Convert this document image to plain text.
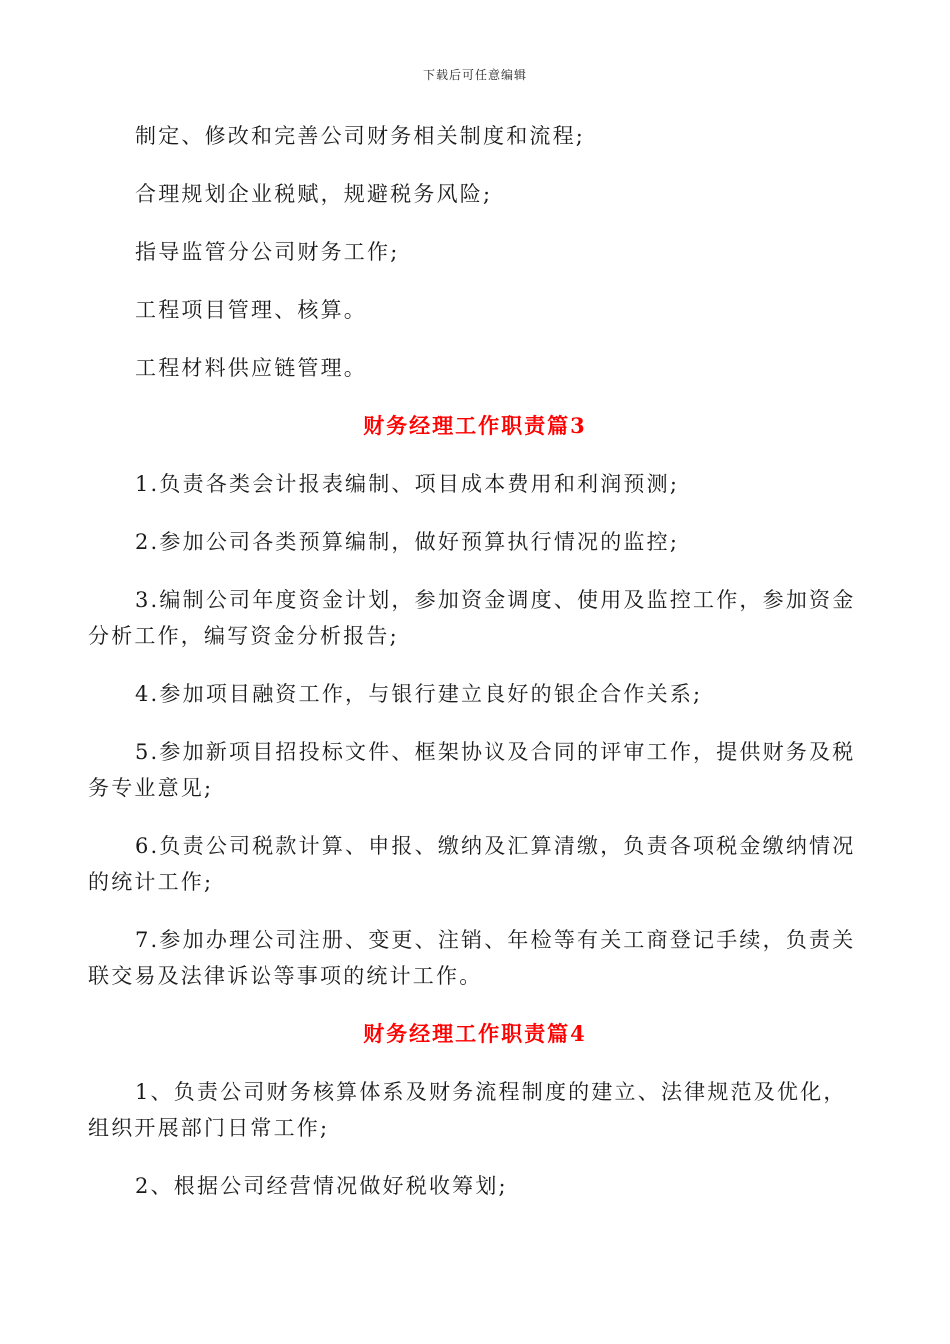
下载后可任意编辑

制定、修改和完善公司财务相关制度和流程;

合理规划企业税赋，规避税务风险;

指导监管分公司财务工作;

工程项目管理、核算。

工程材料供应链管理。

财务经理工作职责篇3

1.负责各类会计报表编制、项目成本费用和利润预测;

2.参加公司各类预算编制，做好预算执行情况的监控;

3.编制公司年度资金计划，参加资金调度、使用及监控工作，参加资金分析工作，编写资金分析报告;

4.参加项目融资工作，与银行建立良好的银企合作关系;

5.参加新项目招投标文件、框架协议及合同的评审工作，提供财务及税务专业意见;

6.负责公司税款计算、申报、缴纳及汇算清缴，负责各项税金缴纳情况的统计工作;

7.参加办理公司注册、变更、注销、年检等有关工商登记手续，负责关联交易及法律诉讼等事项的统计工作。

财务经理工作职责篇4

1、负责公司财务核算体系及财务流程制度的建立、法律规范及优化，组织开展部门日常工作;

2、根据公司经营情况做好税收筹划;
